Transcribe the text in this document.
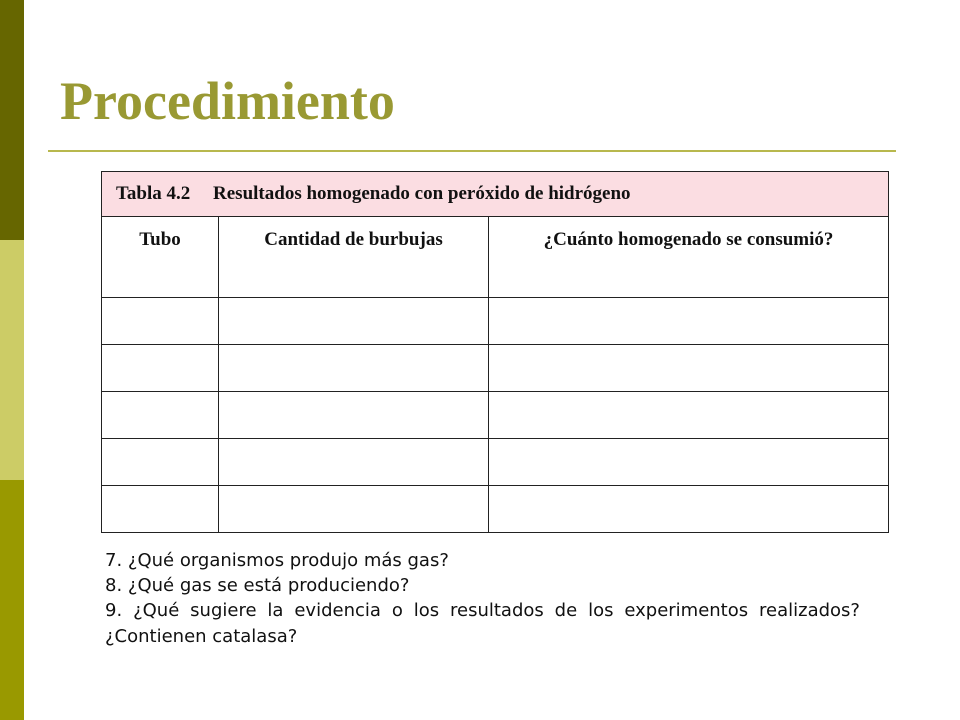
Procedimiento
Tabla 4.2 Resultados homogenado con peróxido de hidrógeno		
Tubo	Cantidad de burbujas	¿Cuánto homogenado se consumió?

7. ¿Qué organismos produjo más gas?

8. ¿Qué gas se está produciendo?

9. ¿Qué sugiere la evidencia o los resultados de los experimentos realizados? ¿Contienen catalasa?
